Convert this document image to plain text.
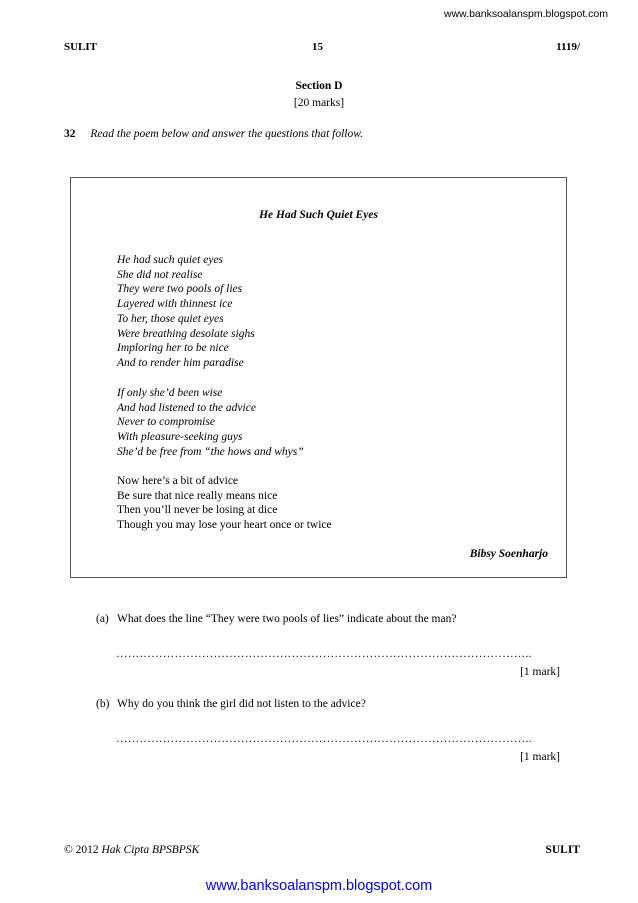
www.banksoalanspm.blogspot.com
SULIT	15	1119/
Section D
[20 marks]
32 Read the poem below and answer the questions that follow.
He Had Such Quiet Eyes
He had such quiet eyes
She did not realise
They were two pools of lies
Layered with thinnest ice
To her, those quiet eyes
Were breathing desolate sighs
Imploring her to be nice
And to render him paradise
If only she’d been wise
And had listened to the advice
Never to compromise
With pleasure-seeking guys
She’d be free from “the hows and whys”
Now here’s a bit of advice
Be sure that nice really means nice
Then you’ll never be losing at dice
Though you may lose your heart once or twice
Bibsy Soenharjo
(a) What does the line “They were two pools of lies” indicate about the man?
……………………………………………………………………………………………..
[1 mark]
(b) Why do you think the girl did not listen to the advice?
……………………………………………………………………………………………..
[1 mark]
© 2012 Hak Cipta BPSBPSK	SULIT
www.banksoalanspm.blogspot.com
